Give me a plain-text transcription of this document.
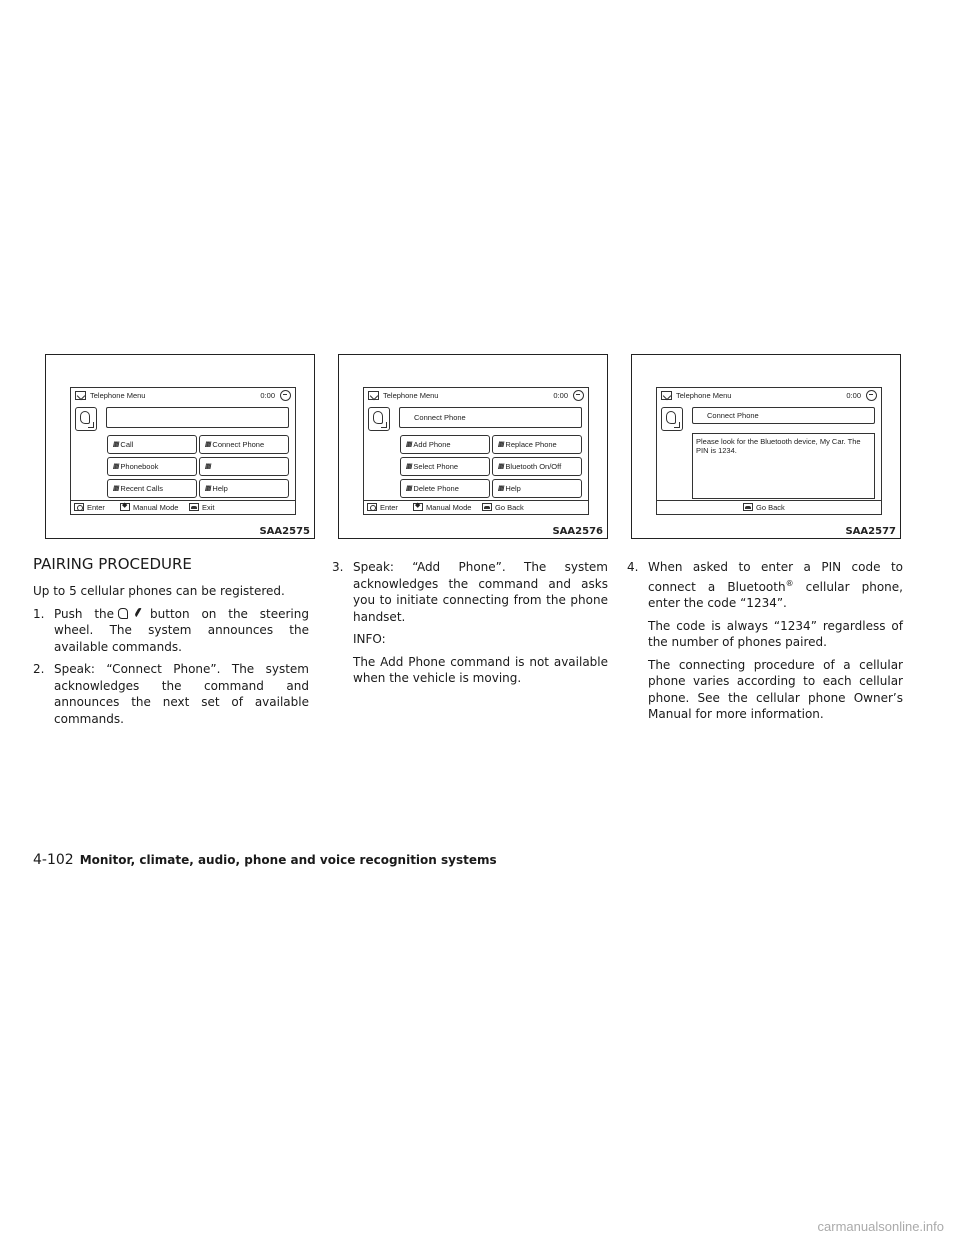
Telephone Menu	0:00
///// Call	///// Connect Phone
///// Phonebook	/////
///// Recent Calls	///// Help
Enter ◆	Manual Mode	Exit
SAA2575
Telephone Menu	0:00
Connect Phone
///// Add Phone	///// Replace Phone
///// Select Phone	///// Bluetooth On/Off
///// Delete Phone	///// Help
Enter ◆	Manual Mode	Go Back
SAA2576
Telephone Menu	0:00
Connect Phone
Please look for the Bluetooth device, My Car. The PIN is 1234.
Go Back
SAA2577
PAIRING PROCEDURE

Up to 5 cellular phones can be registered.

1. Push the	button on the steering wheel. The system announces the available commands.
2. Speak: “Connect Phone”. The system acknowledges the command and announces the next set of available commands.
3. Speak: “Add Phone”. The system acknowledges the command and asks you to initiate connecting from the phone handset.

INFO:

The Add Phone command is not available when the vehicle is moving.

4. When asked to enter a PIN code to connect a Bluetooth® cellular phone, enter the code “1234”.

The code is always “1234” regardless of the number of phones paired.

The connecting procedure of a cellular phone varies according to each cellular phone. See the cellular phone Owner’s Manual for more information.

4-102 Monitor, climate, audio, phone and voice recognition systems
carmanualsonline.info
